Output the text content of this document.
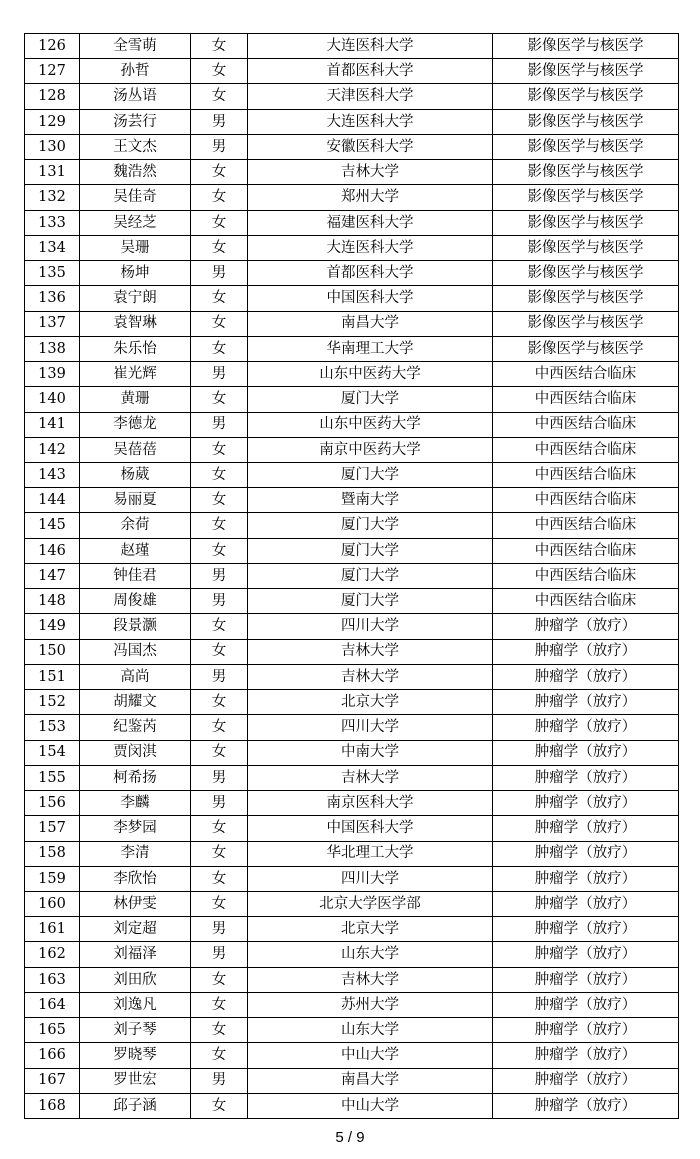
126	全雪萌	女	大连医科大学	影像医学与核医学
127	孙哲	女	首都医科大学	影像医学与核医学
128	汤丛语	女	天津医科大学	影像医学与核医学
129	汤芸行	男	大连医科大学	影像医学与核医学
130	王文杰	男	安徽医科大学	影像医学与核医学
131	魏浩然	女	吉林大学	影像医学与核医学
132	吴佳奇	女	郑州大学	影像医学与核医学
133	吴经芝	女	福建医科大学	影像医学与核医学
134	吴珊	女	大连医科大学	影像医学与核医学
135	杨坤	男	首都医科大学	影像医学与核医学
136	袁宁朗	女	中国医科大学	影像医学与核医学
137	袁智琳	女	南昌大学	影像医学与核医学
138	朱乐怡	女	华南理工大学	影像医学与核医学
139	崔光辉	男	山东中医药大学	中西医结合临床
140	黄珊	女	厦门大学	中西医结合临床
141	李德龙	男	山东中医药大学	中西医结合临床
142	吴蓓蓓	女	南京中医药大学	中西医结合临床
143	杨葳	女	厦门大学	中西医结合临床
144	易丽夏	女	暨南大学	中西医结合临床
145	余荷	女	厦门大学	中西医结合临床
146	赵瑾	女	厦门大学	中西医结合临床
147	钟佳君	男	厦门大学	中西医结合临床
148	周俊雄	男	厦门大学	中西医结合临床
149	段景灏	女	四川大学	肿瘤学（放疗）
150	冯国杰	女	吉林大学	肿瘤学（放疗）
151	高尚	男	吉林大学	肿瘤学（放疗）
152	胡耀文	女	北京大学	肿瘤学（放疗）
153	纪鉴芮	女	四川大学	肿瘤学（放疗）
154	贾闵淇	女	中南大学	肿瘤学（放疗）
155	柯希扬	男	吉林大学	肿瘤学（放疗）
156	李麟	男	南京医科大学	肿瘤学（放疗）
157	李梦园	女	中国医科大学	肿瘤学（放疗）
158	李清	女	华北理工大学	肿瘤学（放疗）
159	李欣怡	女	四川大学	肿瘤学（放疗）
160	林伊雯	女	北京大学医学部	肿瘤学（放疗）
161	刘定超	男	北京大学	肿瘤学（放疗）
162	刘福泽	男	山东大学	肿瘤学（放疗）
163	刘田欣	女	吉林大学	肿瘤学（放疗）
164	刘逸凡	女	苏州大学	肿瘤学（放疗）
165	刘子琴	女	山东大学	肿瘤学（放疗）
166	罗晓琴	女	中山大学	肿瘤学（放疗）
167	罗世宏	男	南昌大学	肿瘤学（放疗）
168	邱子涵	女	中山大学	肿瘤学（放疗）
5 / 9
